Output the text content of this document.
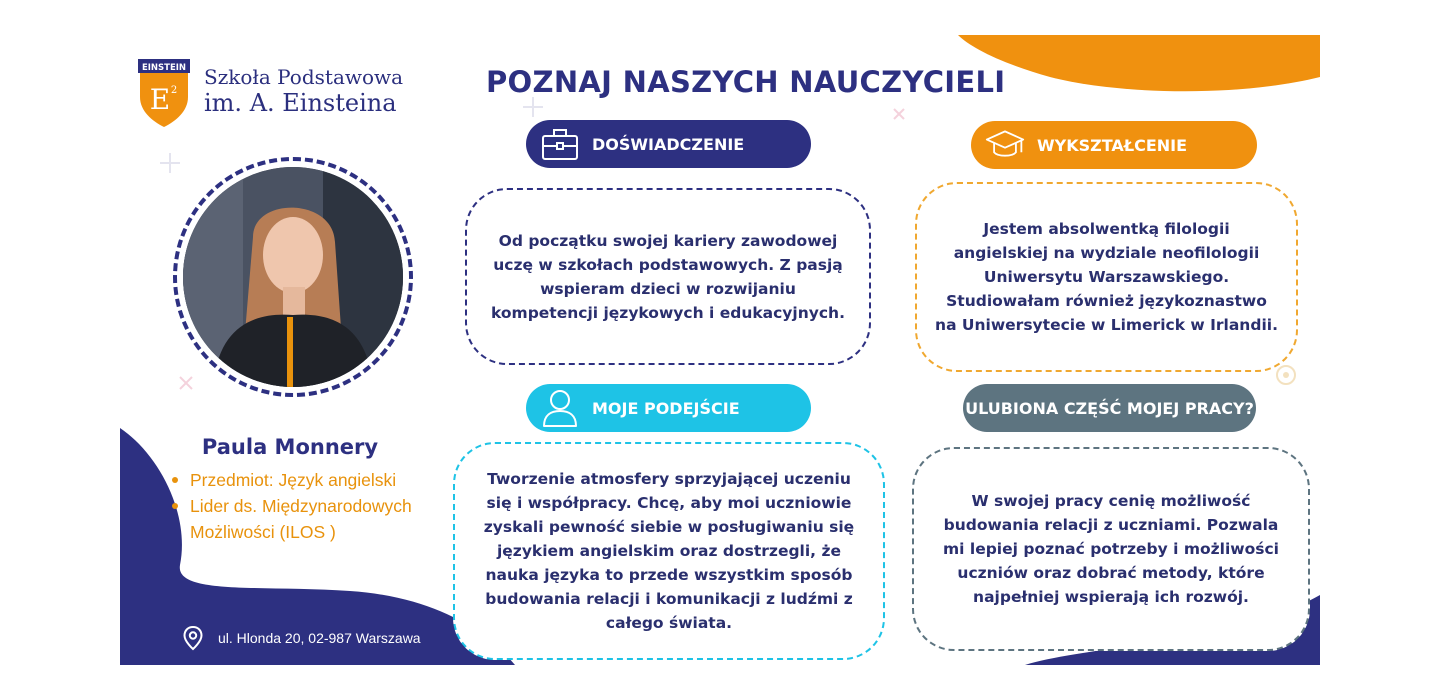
EINSTEIN
E 2
Szkoła Podstawowa
im. A. Einsteina
POZNAJ NASZYCH NAUCZYCIELI
Paula Monnery
Przedmiot: Język angielski
Lider ds. Międzynarodowych Możliwości (ILOS )
ul. Hlonda 20, 02-987 Warszawa
DOŚWIADCZENIE

Od początku swojej kariery zawodowej uczę w szkołach podstawowych. Z pasją wspieram dzieci w rozwijaniu kompetencji językowych i edukacyjnych.

WYKSZTAŁCENIE

Jestem absolwentką filologii angielskiej na wydziale neofilologii Uniwersytu Warszawskiego. Studiowałam również językoznastwo na Uniwersytecie w Limerick w Irlandii.

MOJE PODEJŚCIE

Tworzenie atmosfery sprzyjającej uczeniu się i współpracy. Chcę, aby moi uczniowie zyskali pewność siebie w posługiwaniu się językiem angielskim oraz dostrzegli, że nauka języka to przede wszystkim sposób budowania relacji i komunikacji z ludźmi z całego świata.

ULUBIONA CZĘŚĆ MOJEJ PRACY?

W swojej pracy cenię możliwość budowania relacji z uczniami. Pozwala mi lepiej poznać potrzeby i możliwości uczniów oraz dobrać metody, które najpełniej wspierają ich rozwój.
